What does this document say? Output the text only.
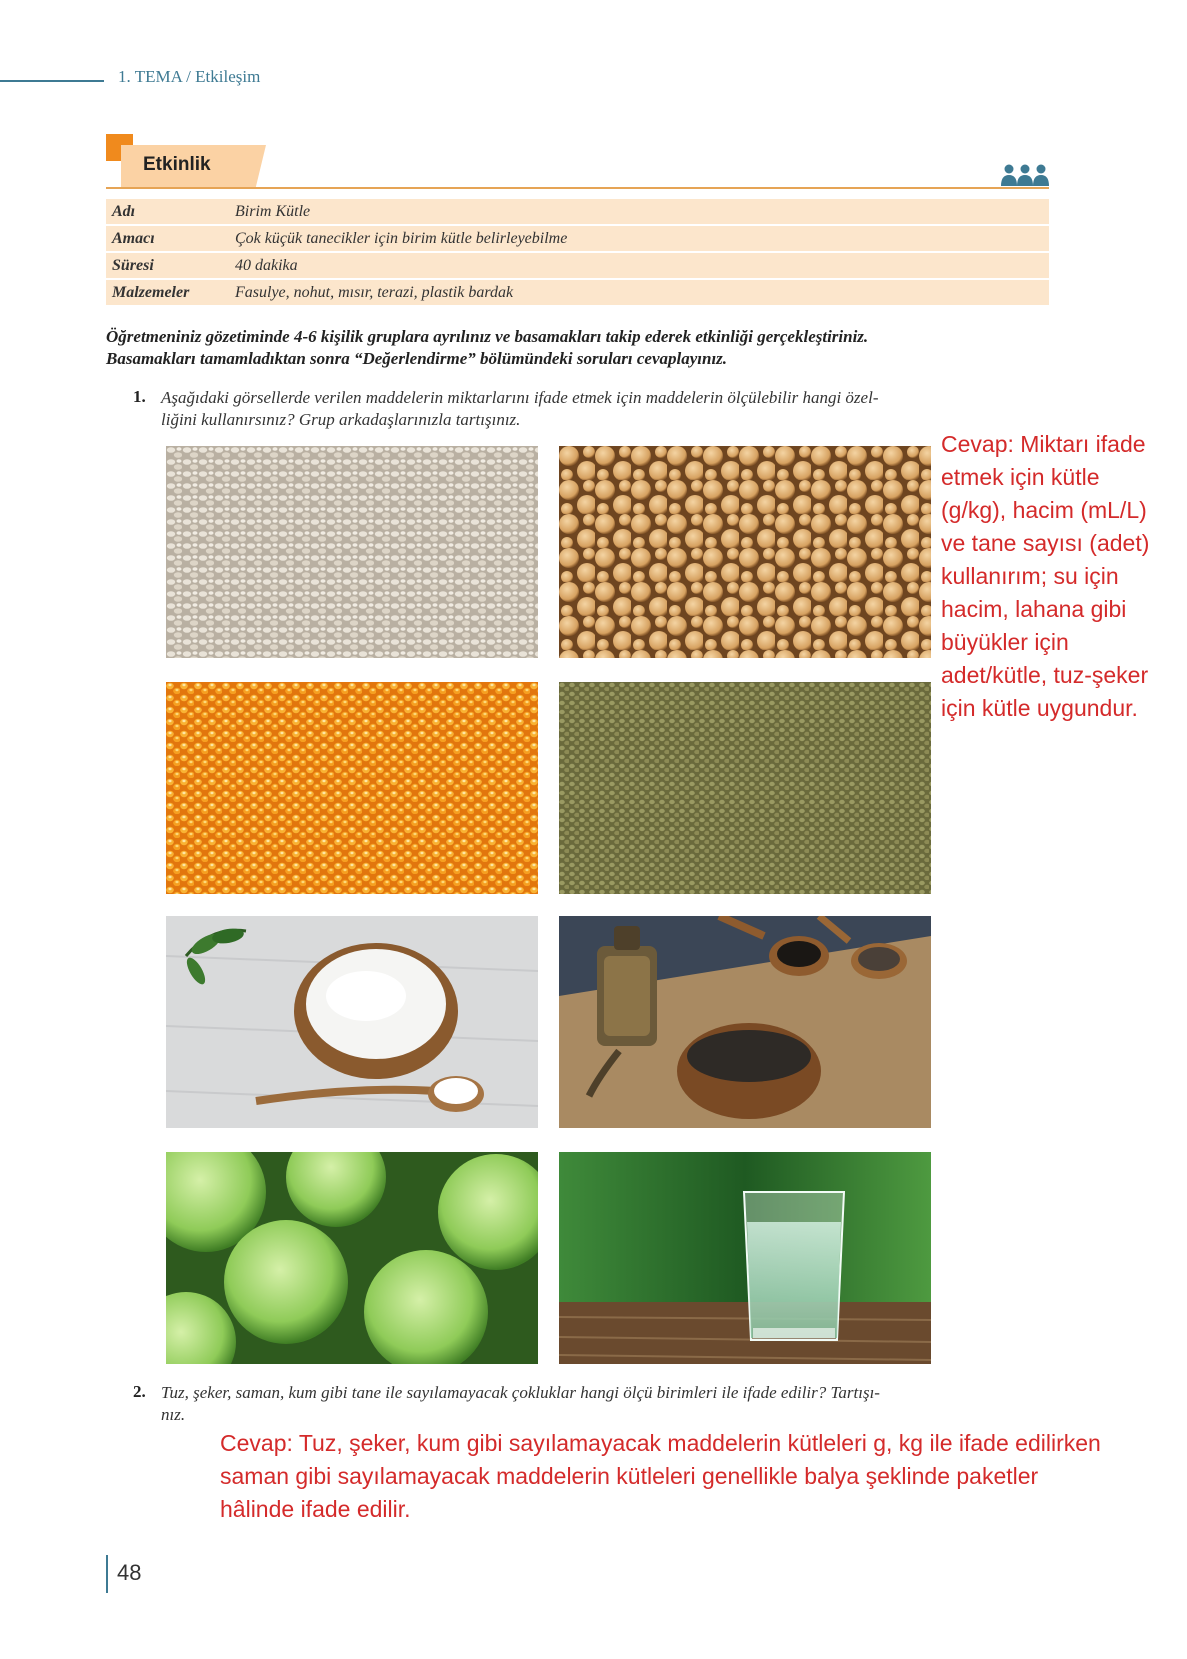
1. TEMA / Etkileşim
Etkinlik
Adı	Birim Kütle
Amacı	Çok küçük tanecikler için birim kütle belirleyebilme
Süresi	40 dakika
Malzemeler	Fasulye, nohut, mısır, terazi, plastik bardak
Öğretmeniniz gözetiminde 4-6 kişilik gruplara ayrılınız ve basamakları takip ederek etkinliği gerçekleştiriniz.
Basamakları tamamladıktan sonra “Değerlendirme” bölümündeki soruları cevaplayınız.
1. Aşağıdaki görsellerde verilen maddelerin miktarlarını ifade etmek için maddelerin ölçülebilir hangi özel-
liğini kullanırsınız? Grup arkadaşlarınızla tartışınız.
Cevap: Miktarı ifade
etmek için kütle
(g/kg), hacim (mL/L)
ve tane sayısı (adet)
kullanırım; su için
hacim, lahana gibi
büyükler için
adet/kütle, tuz-şeker
için kütle uygundur.
2. Tuz, şeker, saman, kum gibi tane ile sayılamayacak çokluklar hangi ölçü birimleri ile ifade edilir? Tartışı-
nız.
Cevap: Tuz, şeker, kum gibi sayılamayacak maddelerin kütleleri g, kg ile ifade edilirken
saman gibi sayılamayacak maddelerin kütleleri genellikle balya şeklinde paketler
hâlinde ifade edilir.
48
